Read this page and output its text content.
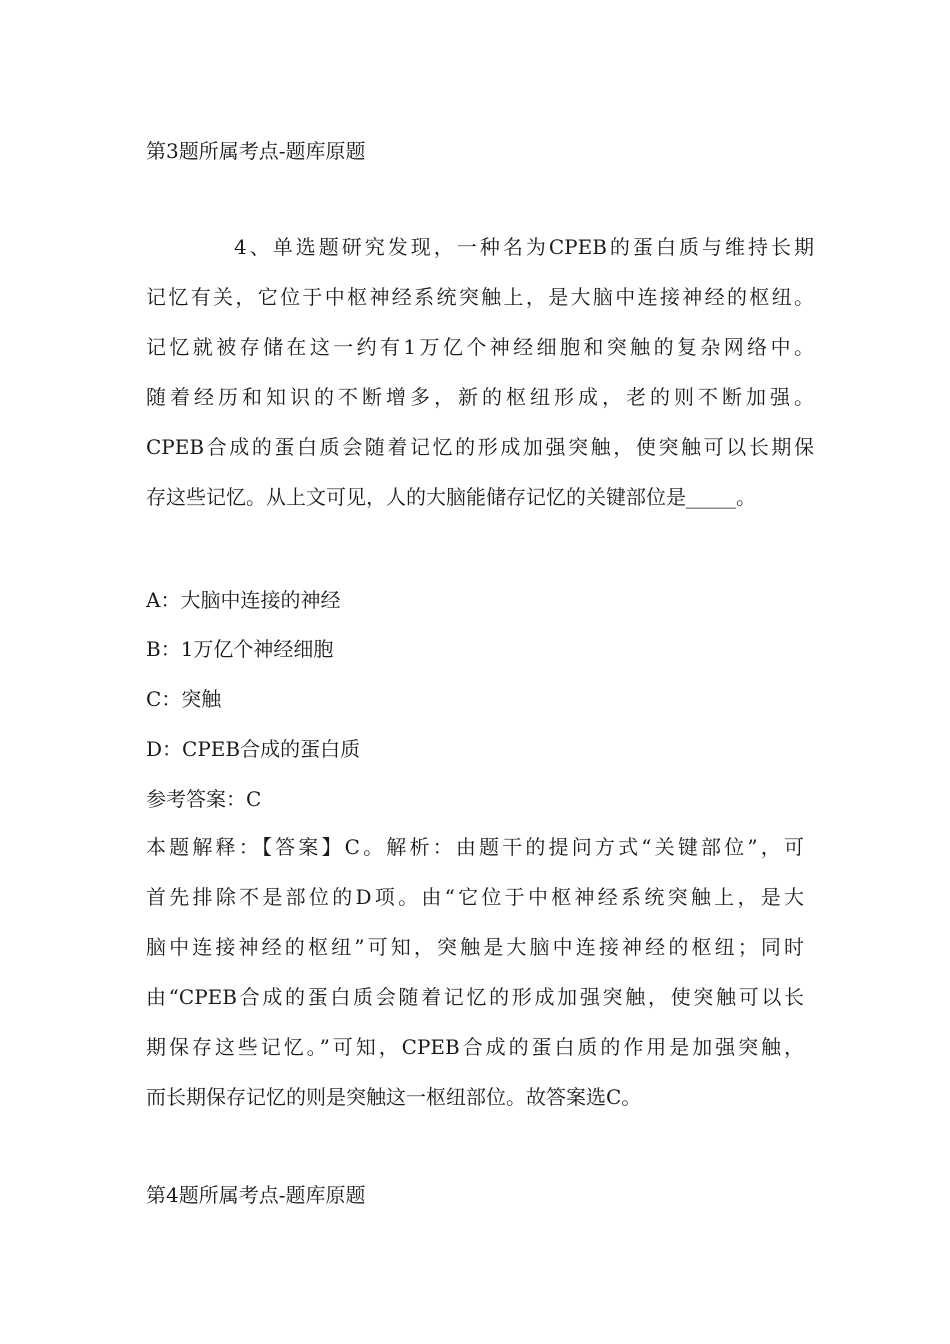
第3题所属考点-题库原题
4、单选题研究发现，一种名为CPEB的蛋白质与维持长期
记忆有关，它位于中枢神经系统突触上，是大脑中连接神经的枢纽。
记忆就被存储在这一约有1万亿个神经细胞和突触的复杂网络中。
随着经历和知识的不断增多，新的枢纽形成，老的则不断加强。
CPEB合成的蛋白质会随着记忆的形成加强突触，使突触可以长期保
存这些记忆。从上文可见，人的大脑能储存记忆的关键部位是_____。
A：大脑中连接的神经
B：1万亿个神经细胞
C：突触
D：CPEB合成的蛋白质
参考答案：C
本题解释：【答案】C。解析：由题干的提问方式“关键部位”，可
首先排除不是部位的D项。由“它位于中枢神经系统突触上，是大
脑中连接神经的枢纽”可知，突触是大脑中连接神经的枢纽；同时
由“CPEB合成的蛋白质会随着记忆的形成加强突触，使突触可以长
期保存这些记忆。”可知，CPEB合成的蛋白质的作用是加强突触，
而长期保存记忆的则是突触这一枢纽部位。故答案选C。
第4题所属考点-题库原题
